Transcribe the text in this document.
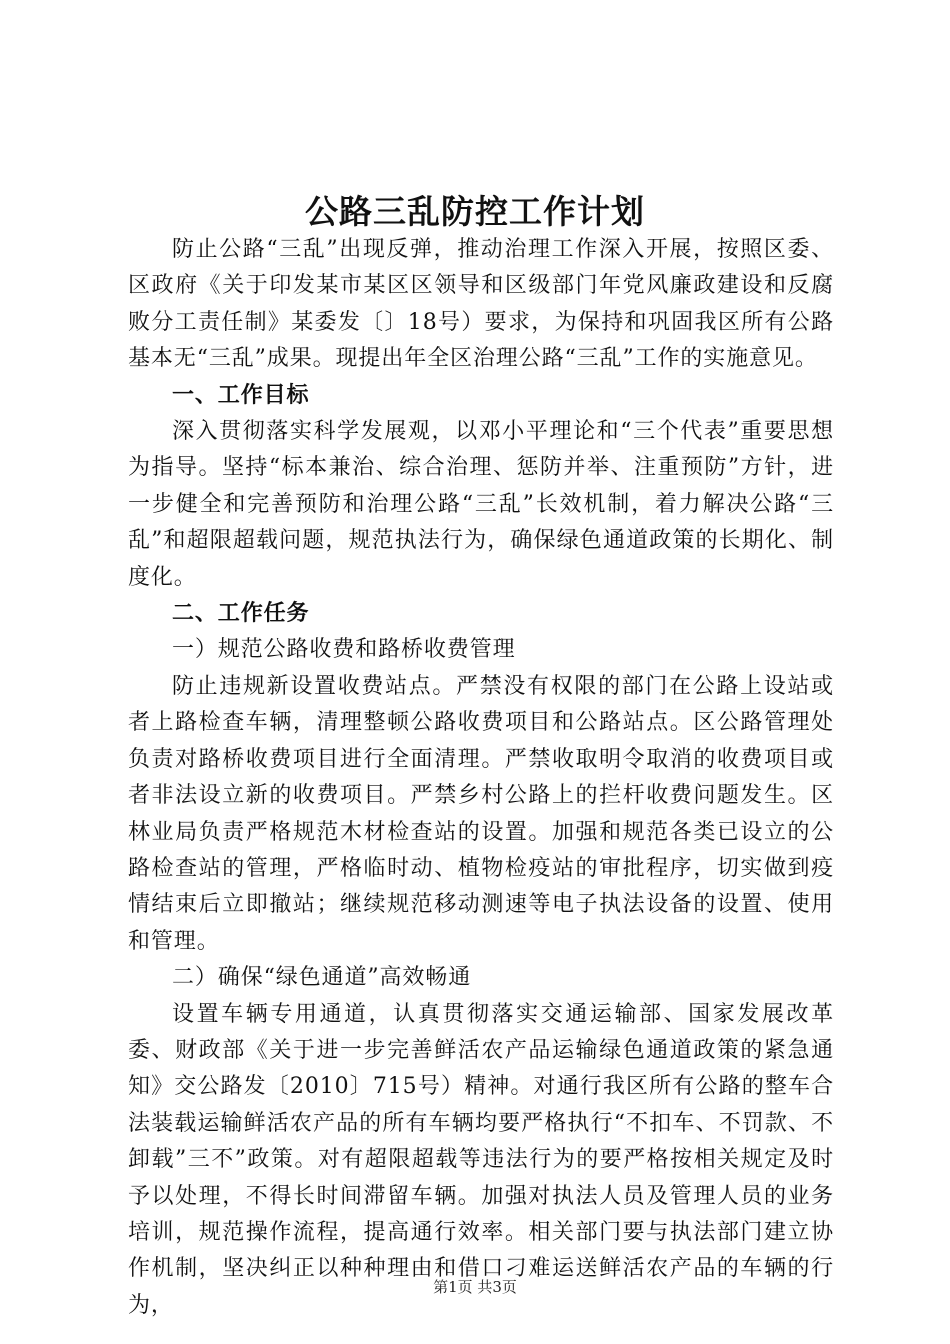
公路三乱防控工作计划

防止公路“三乱”出现反弹，推动治理工作深入开展，按照区委、区政府《关于印发某市某区区领导和区级部门年党风廉政建设和反腐败分工责任制》某委发〔〕18号）要求，为保持和巩固我区所有公路基本无“三乱”成果。现提出年全区治理公路“三乱”工作的实施意见。

一、工作目标

深入贯彻落实科学发展观，以邓小平理论和“三个代表”重要思想为指导。坚持“标本兼治、综合治理、惩防并举、注重预防”方针，进一步健全和完善预防和治理公路“三乱”长效机制，着力解决公路“三乱”和超限超载问题，规范执法行为，确保绿色通道政策的长期化、制度化。

二、工作任务

一）规范公路收费和路桥收费管理

防止违规新设置收费站点。严禁没有权限的部门在公路上设站或者上路检查车辆，清理整顿公路收费项目和公路站点。区公路管理处负责对路桥收费项目进行全面清理。严禁收取明令取消的收费项目或者非法设立新的收费项目。严禁乡村公路上的拦杆收费问题发生。区林业局负责严格规范木材检查站的设置。加强和规范各类已设立的公路检查站的管理，严格临时动、植物检疫站的审批程序，切实做到疫情结束后立即撤站；继续规范移动测速等电子执法设备的设置、使用和管理。

二）确保“绿色通道”高效畅通

设置车辆专用通道，认真贯彻落实交通运输部、国家发展改革委、财政部《关于进一步完善鲜活农产品运输绿色通道政策的紧急通知》交公路发〔2010〕715号）精神。对通行我区所有公路的整车合法装载运输鲜活农产品的所有车辆均要严格执行“不扣车、不罚款、不卸载”三不”政策。对有超限超载等违法行为的要严格按相关规定及时予以处理，不得长时间滞留车辆。加强对执法人员及管理人员的业务培训，规范操作流程，提高通行效率。相关部门要与执法部门建立协作机制，坚决纠正以种种理由和借口刁难运送鲜活农产品的车辆的行为，

第1页 共3页
